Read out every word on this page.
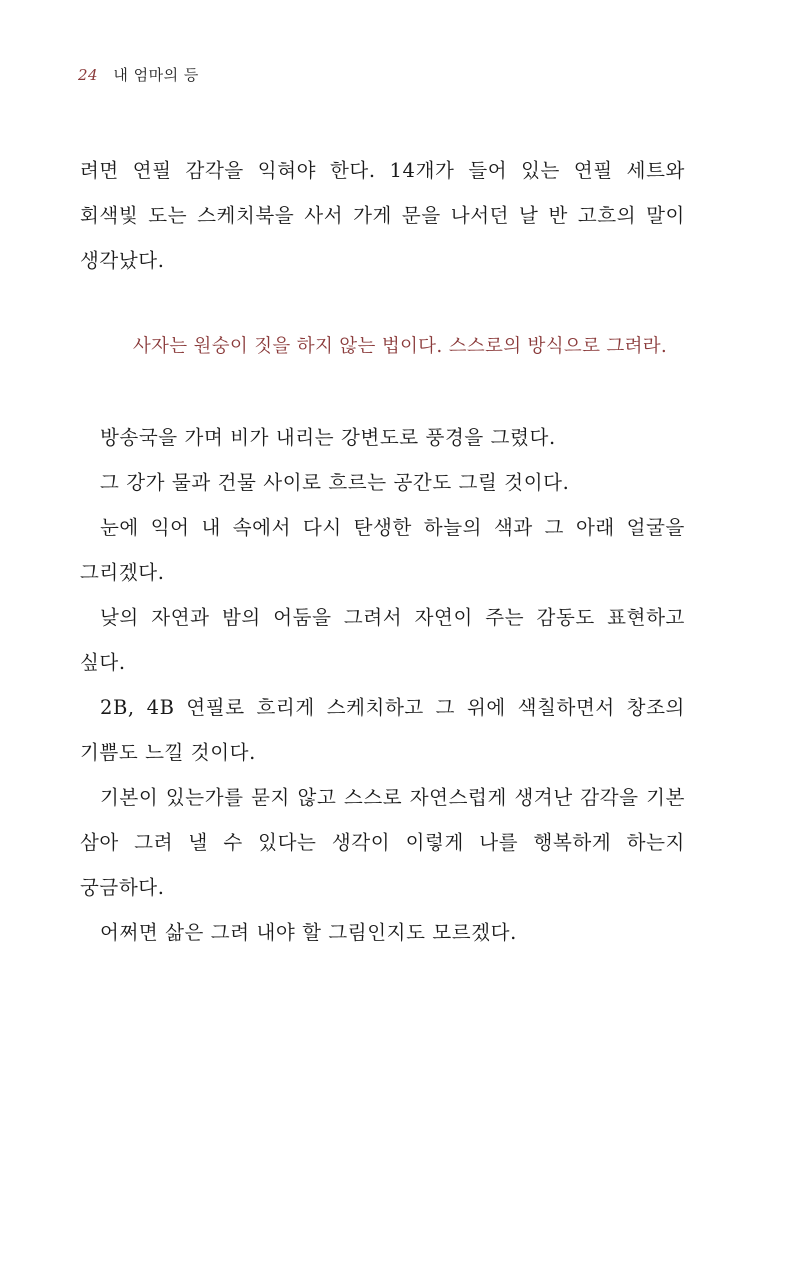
24 내 엄마의 등

려면 연필 감각을 익혀야 한다. 14개가 들어 있는 연필 세트와 회색빛 도는 스케치북을 사서 가게 문을 나서던 날 반 고흐의 말이 생각났다.

사자는 원숭이 짓을 하지 않는 법이다. 스스로의 방식으로 그려라.

방송국을 가며 비가 내리는 강변도로 풍경을 그렸다.

그 강가 물과 건물 사이로 흐르는 공간도 그릴 것이다.

눈에 익어 내 속에서 다시 탄생한 하늘의 색과 그 아래 얼굴을 그리겠다.

낮의 자연과 밤의 어둠을 그려서 자연이 주는 감동도 표현하고 싶다.

2B, 4B 연필로 흐리게 스케치하고 그 위에 색칠하면서 창조의 기쁨도 느낄 것이다.

기본이 있는가를 묻지 않고 스스로 자연스럽게 생겨난 감각을 기본 삼아 그려 낼 수 있다는 생각이 이렇게 나를 행복하게 하는지 궁금하다.

어쩌면 삶은 그려 내야 할 그림인지도 모르겠다.
